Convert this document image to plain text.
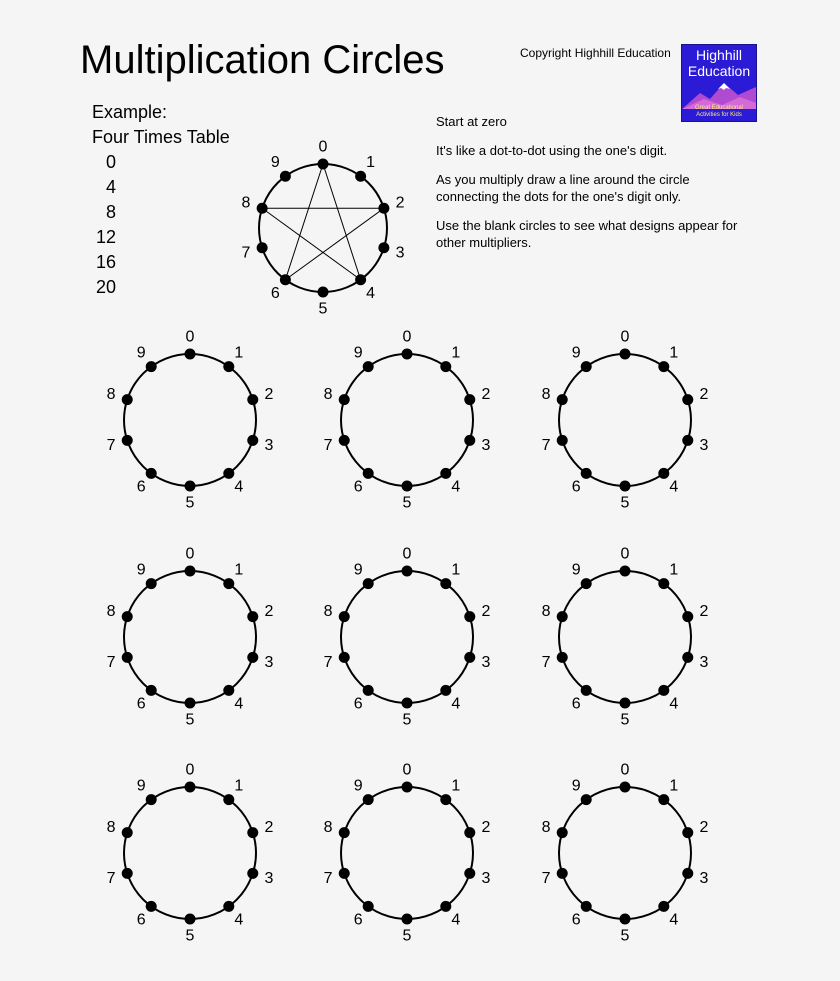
Multiplication Circles	Copyright Highhill Education	Highhill
Education
Great Educational
Activities for Kids
Example:
Four Times Table
0
4
8
12
16
20

Start at zero

It's like a dot-to-dot using the one's digit.

As you multiply draw a line around the circle connecting the dots for the one's digit only.

Use the blank circles to see what designs appear for other multipliers.

0
1
2
3
4
5
6
7
8
9
0
1
2
3
4
5
6
7
8
9
0
1
2
3
4
5
6
7
8
9
0
1
2
3
4
5
6
7
8
9
0
1
2
3
4
5
6
7
8
9
0
1
2
3
4
5
6
7
8
9
0
1
2
3
4
5
6
7
8
9
0
1
2
3
4
5
6
7
8
9
0
1
2
3
4
5
6
7
8
9
0
1
2
3
4
5
6
7
8
9
